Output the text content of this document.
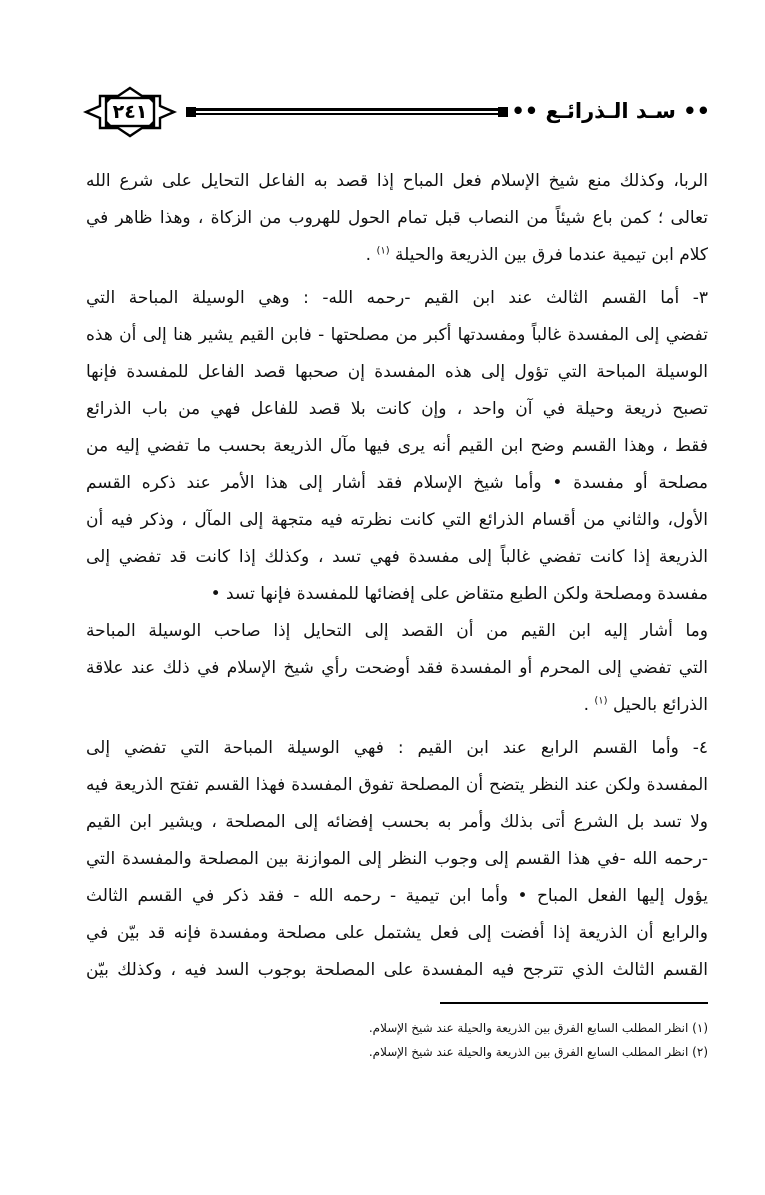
٢٤١	•• سـد الـذرائـع ••
الربا، وكذلك منع شيخ الإسلام فعل المباح إذا قصد به الفاعل التحايل على شرع الله
تعالى ؛ كمن باع شيئاً من النصاب قبل تمام الحول للهروب من الزكاة ، وهذا ظاهر في
كلام ابن تيمية عندما فرق بين الذريعة والحيلة $^{(١)}$ .
٣- أما القسم الثالث عند ابن القيم -رحمه الله- : وهي الوسيلة المباحة التي
تفضي إلى المفسدة غالباً ومفسدتها أكبر من مصلحتها - فابن القيم يشير هنا إلى أن هذه
الوسيلة المباحة التي تؤول إلى هذه المفسدة إن صحبها قصد الفاعل للمفسدة فإنها
تصبح ذريعة وحيلة في آن واحد ، وإن كانت بلا قصد للفاعل فهي من باب الذرائع
فقط ، وهذا القسم وضح ابن القيم أنه يرى فيها مآل الذريعة بحسب ما تفضي إليه من
مصلحة أو مفسدة • وأما شيخ الإسلام فقد أشار إلى هذا الأمر عند ذكره القسم
الأول، والثاني من أقسام الذرائع التي كانت نظرته فيه متجهة إلى المآل ، وذكر فيه أن
الذريعة إذا كانت تفضي غالباً إلى مفسدة فهي تسد ، وكذلك إذا كانت قد تفضي إلى
مفسدة ومصلحة ولكن الطبع متقاض على إفضائها للمفسدة فإنها تسد •
وما أشار إليه ابن القيم من أن القصد إلى التحايل إذا صاحب الوسيلة المباحة
التي تفضي إلى المحرم أو المفسدة فقد أوضحت رأي شيخ الإسلام في ذلك عند علاقة
الذرائع بالحيل $^{(١)}$ .
٤- وأما القسم الرابع عند ابن القيم : فهي الوسيلة المباحة التي تفضي إلى
المفسدة ولكن عند النظر يتضح أن المصلحة تفوق المفسدة فهذا القسم تفتح الذريعة فيه
ولا تسد بل الشرع أتى بذلك وأمر به بحسب إفضائه إلى المصلحة ، ويشير ابن القيم
-رحمه الله -في هذا القسم إلى وجوب النظر إلى الموازنة بين المصلحة والمفسدة التي
يؤول إليها الفعل المباح • وأما ابن تيمية - رحمه الله - فقد ذكر في القسم الثالث
والرابع أن الذريعة إذا أفضت إلى فعل يشتمل على مصلحة ومفسدة فإنه قد بيّن في
القسم الثالث الذي تترجح فيه المفسدة على المصلحة بوجوب السد فيه ، وكذلك بيّن
(١) انظر المطلب السابع الفرق بين الذريعة والحيلة عند شيخ الإسلام.
(٢) انظر المطلب السابع الفرق بين الذريعة والحيلة عند شيخ الإسلام.
